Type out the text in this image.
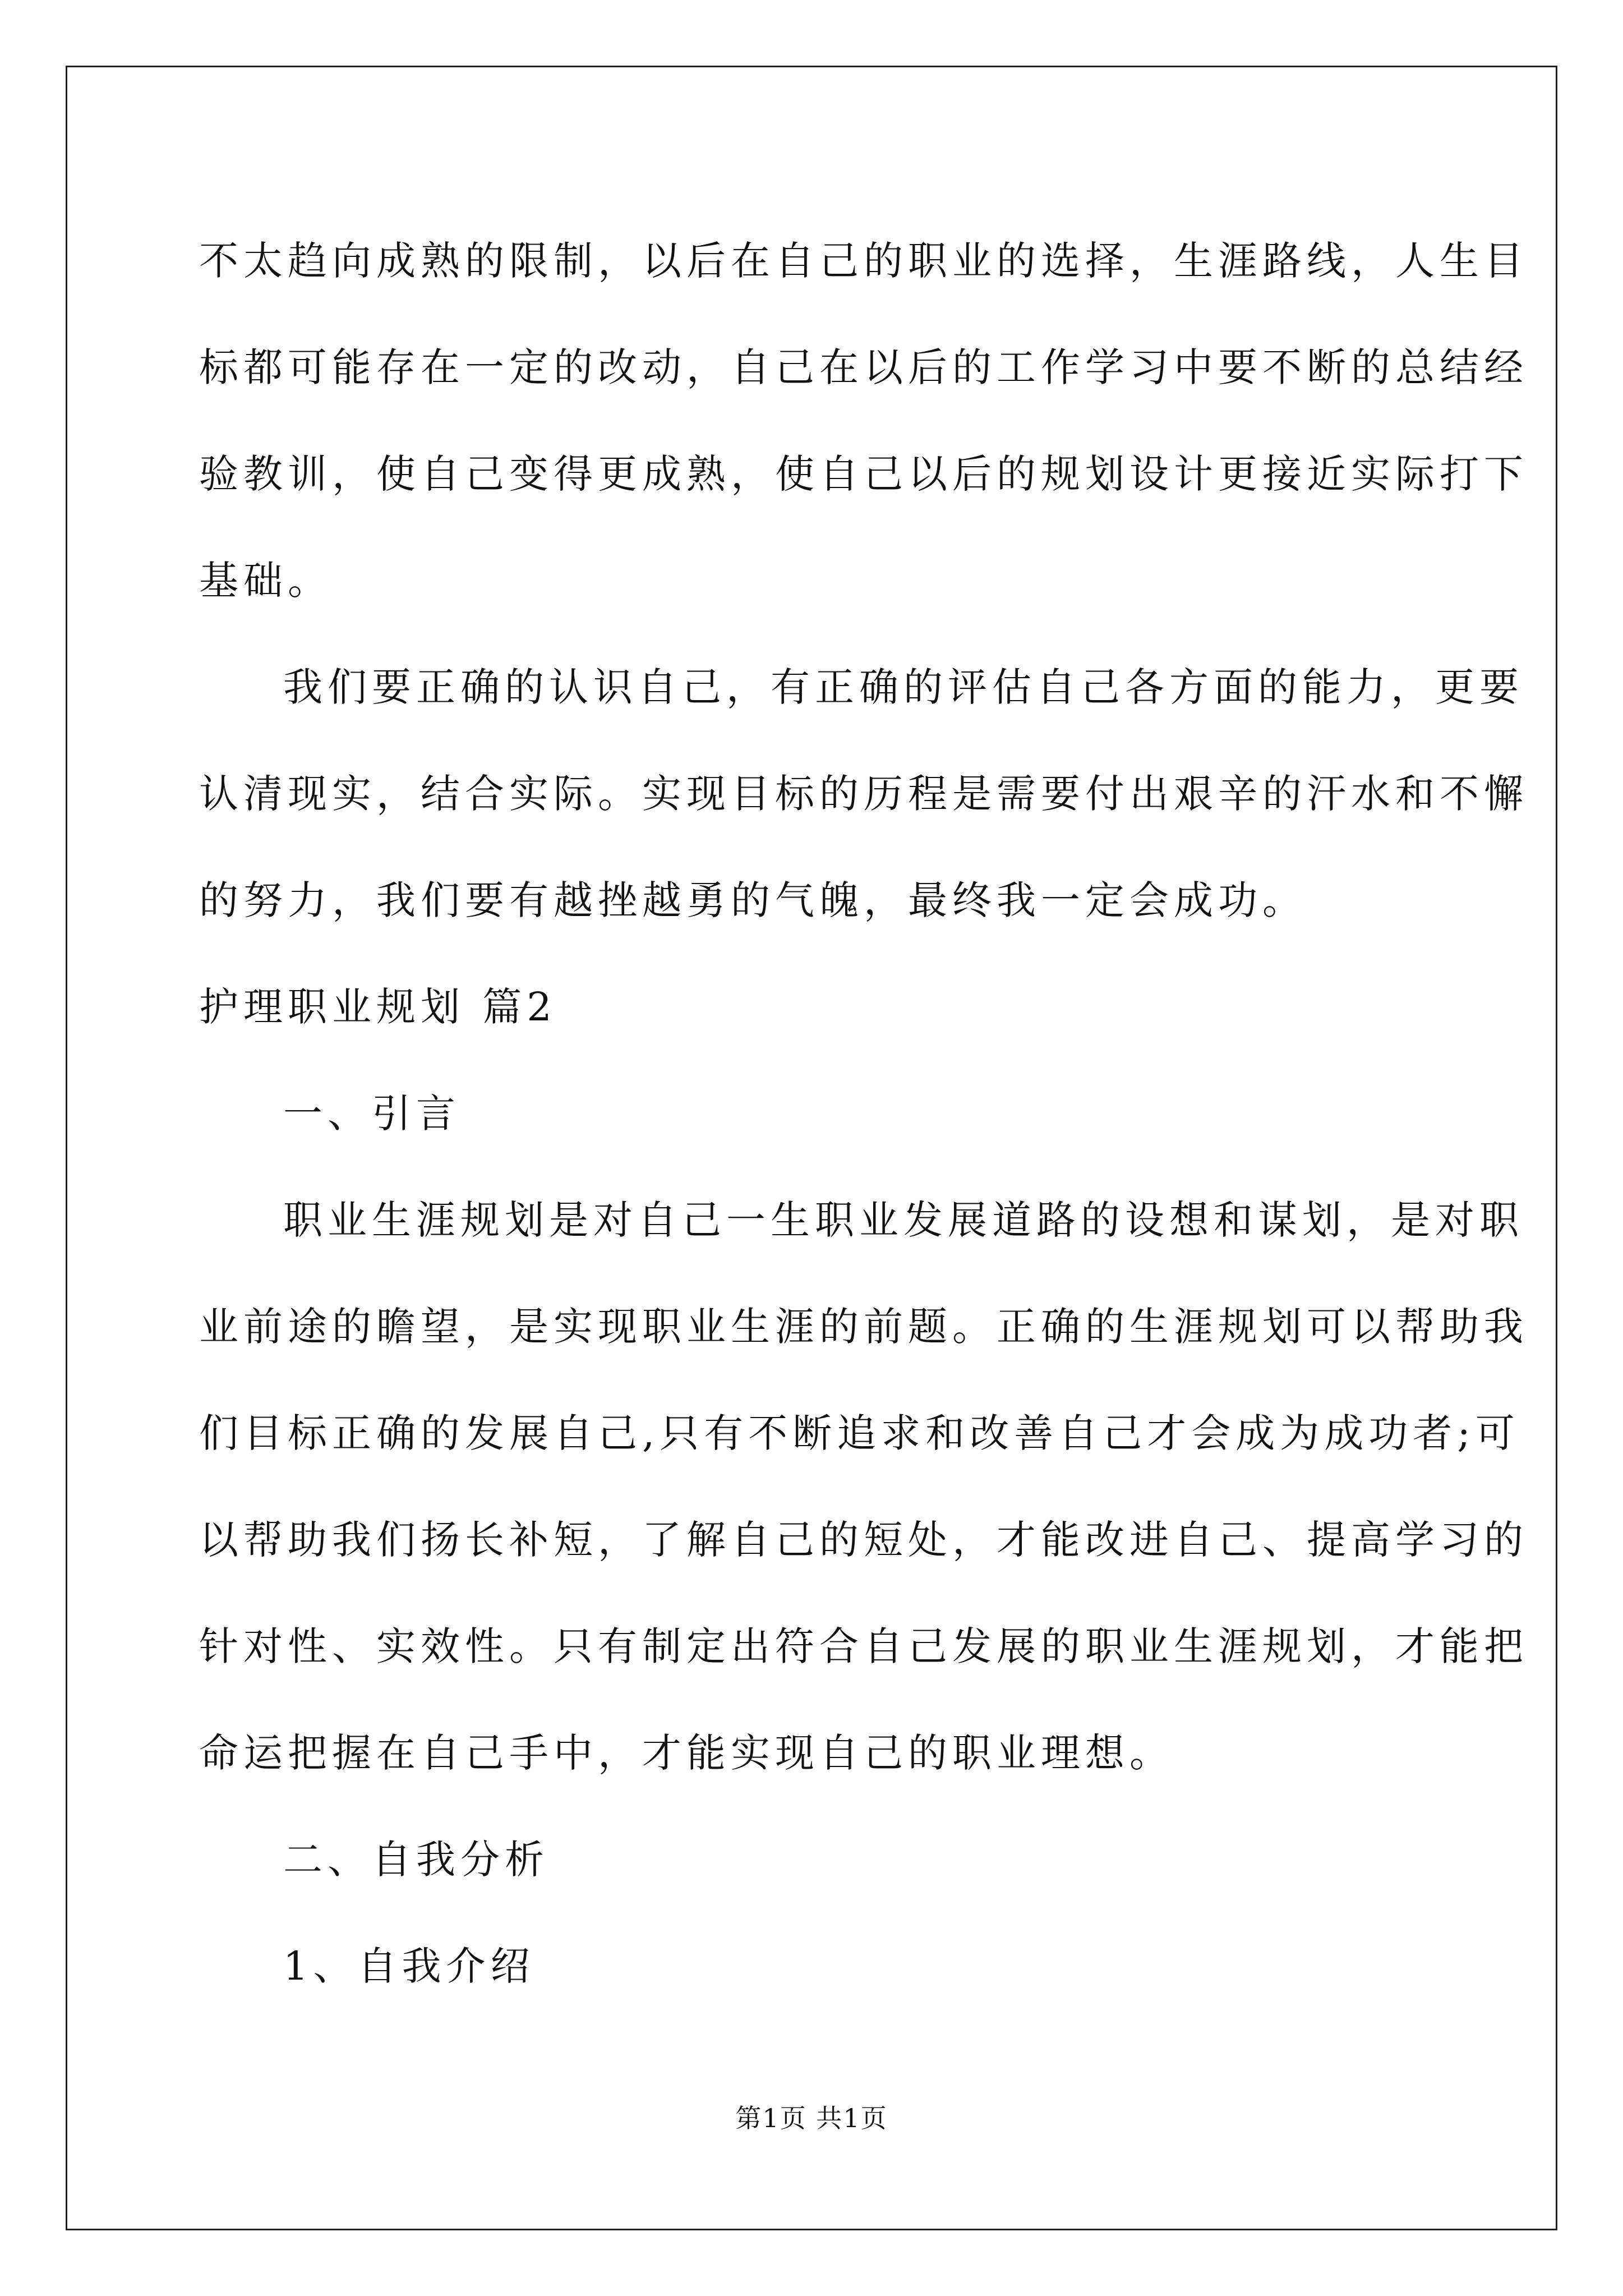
不太趋向成熟的限制，以后在自己的职业的选择，生涯路线，人生目
标都可能存在一定的改动，自己在以后的工作学习中要不断的总结经
验教训，使自己变得更成熟，使自己以后的规划设计更接近实际打下
基础。
我们要正确的认识自己，有正确的评估自己各方面的能力，更要
认清现实，结合实际。实现目标的历程是需要付出艰辛的汗水和不懈
的努力，我们要有越挫越勇的气魄，最终我一定会成功。
护理职业规划 篇2
一、引言
职业生涯规划是对自己一生职业发展道路的设想和谋划，是对职
业前途的瞻望，是实现职业生涯的前题。正确的生涯规划可以帮助我
们目标正确的发展自己,只有不断追求和改善自己才会成为成功者;可
以帮助我们扬长补短，了解自己的短处，才能改进自己、提高学习的
针对性、实效性。只有制定出符合自己发展的职业生涯规划，才能把
命运把握在自己手中，才能实现自己的职业理想。
二、自我分析
1、自我介绍
第1页 共1页
